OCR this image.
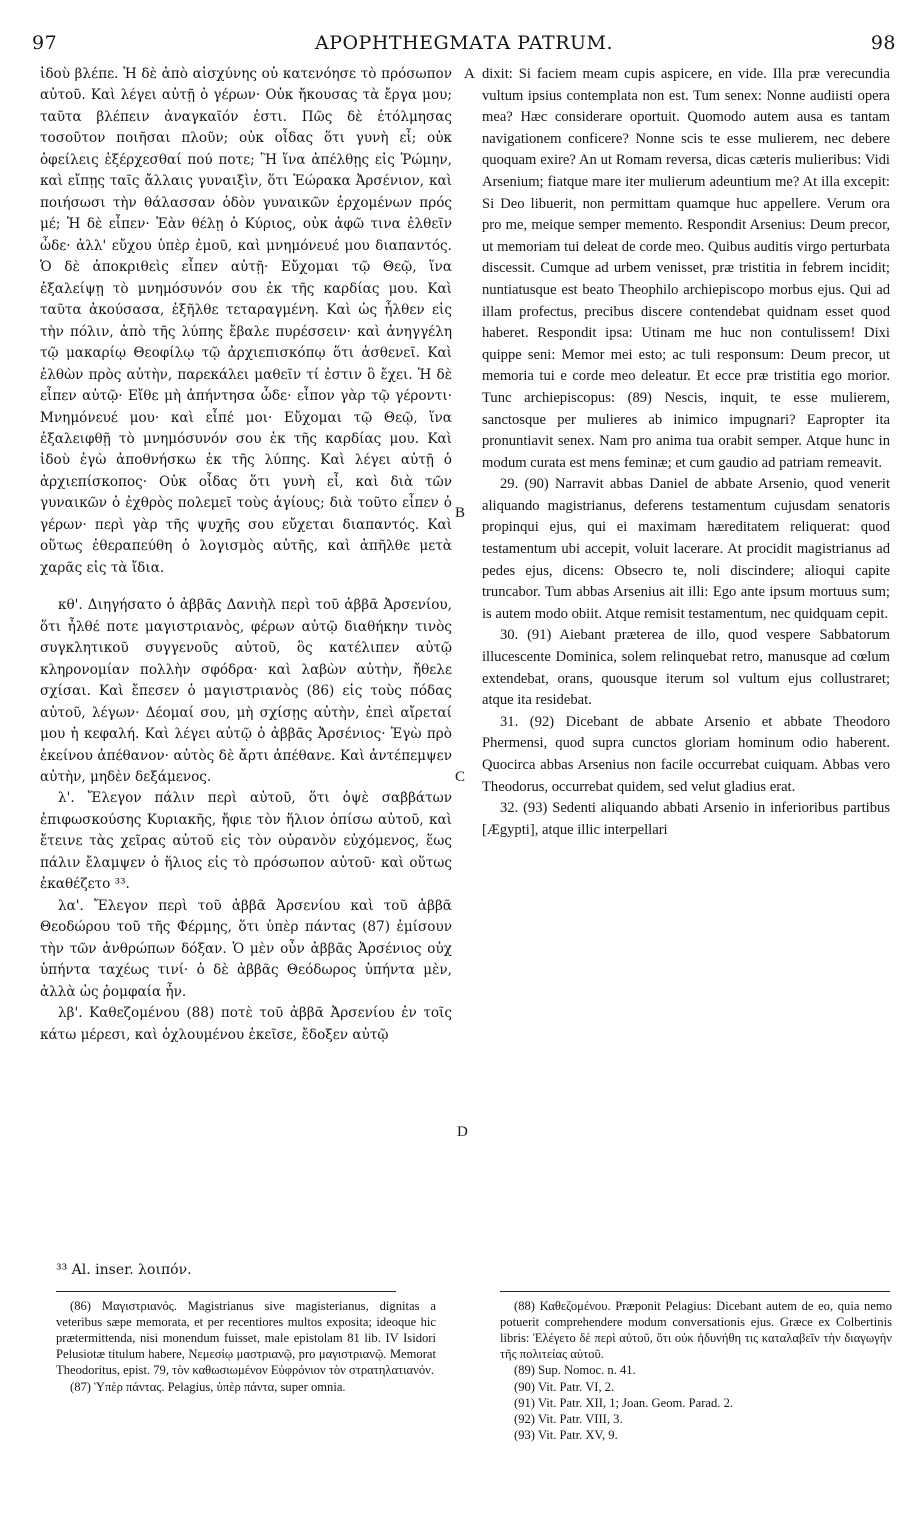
97	ΑΡΟΡΗΤΗΕGΜΑΤΑ PATRUM.	98

ἰδοὺ βλέπε. Ἡ δὲ ἀπὸ αἰσχύνης οὐ κατενόησε τὸ πρόσωπον αὐτοῦ. Καὶ λέγει αὐτῇ ὁ γέρων· Οὐκ ἤκουσας τὰ ἔργα μου; ταῦτα βλέπειν ἀναγκαῖόν ἐστι. Πῶς δὲ ἐτόλμησας τοσοῦτον ποιῆσαι πλοῦν; οὐκ οἶδας ὅτι γυνὴ εἶ; οὐκ ὀφείλεις ἐξέρχεσθαί πού ποτε; Ἢ ἵνα ἀπέλθῃς εἰς Ῥώμην, καὶ εἴπῃς ταῖς ἄλλαις γυναιξὶν, ὅτι Ἑώρακα Ἀρσένιον, καὶ ποιήσωσι τὴν θάλασσαν ὁδὸν γυναικῶν ἐρχομένων πρός μέ; Ἡ δὲ εἶπεν· Ἐὰν θέλῃ ὁ Κύριος, οὐκ ἀφῶ τινα ἐλθεῖν ὧδε· ἀλλ' εὔχου ὑπὲρ ἐμοῦ, καὶ μνημόνευέ μου διαπαντός. Ὁ δὲ ἀποκριθεὶς εἶπεν αὐτῇ· Εὔχομαι τῷ Θεῷ, ἵνα ἐξαλείψῃ τὸ μνημόσυνόν σου ἐκ τῆς καρδίας μου. Καὶ ταῦτα ἀκούσασα, ἐξῆλθε τεταραγμένη. Καὶ ὡς ἦλθεν εἰς τὴν πόλιν, ἀπὸ τῆς λύπης ἔβαλε πυρέσσειν· καὶ ἀνηγγέλη τῷ μακαρίῳ Θεοφίλῳ τῷ ἀρχιεπισκόπῳ ὅτι ἀσθενεῖ. Καὶ ἐλθὼν πρὸς αὐτὴν, παρεκάλει μαθεῖν τί ἐστιν ὃ ἔχει. Ἡ δὲ εἶπεν αὐτῷ· Εἴθε μὴ ἀπήντησα ὧδε· εἶπον γὰρ τῷ γέροντι· Μνημόνευέ μου· καὶ εἶπέ μοι· Εὔχομαι τῷ Θεῷ, ἵνα ἐξαλειφθῇ τὸ μνημόσυνόν σου ἐκ τῆς καρδίας μου. Καὶ ἰδοὺ ἐγὼ ἀποθνήσκω ἐκ τῆς λύπης. Καὶ λέγει αὐτῇ ὁ ἀρχιεπίσκοπος· Οὐκ οἶδας ὅτι γυνὴ εἶ, καὶ διὰ τῶν γυναικῶν ὁ ἐχθρὸς πολεμεῖ τοὺς ἁγίους; διὰ τοῦτο εἶπεν ὁ γέρων· περὶ γὰρ τῆς ψυχῆς σου εὔχεται διαπαντός. Καὶ οὕτως ἐθεραπεύθη ὁ λογισμὸς αὐτῆς, καὶ ἀπῆλθε μετὰ χαρᾶς εἰς τὰ ἴδια.

κθ'. Διηγήσατο ὁ ἀββᾶς Δανιὴλ περὶ τοῦ ἀββᾶ Ἀρσενίου, ὅτι ἦλθέ ποτε μαγιστριανὸς, φέρων αὐτῷ διαθήκην τινὸς συγκλητικοῦ συγγενοῦς αὐτοῦ, ὃς κατέλιπεν αὐτῷ κληρονομίαν πολλὴν σφόδρα· καὶ λαβὼν αὐτὴν, ἤθελε σχίσαι. Καὶ ἔπεσεν ὁ μαγιστριανὸς (86) εἰς τοὺς πόδας αὐτοῦ, λέγων· Δέομαί σου, μὴ σχίσῃς αὐτὴν, ἐπεὶ αἴρεταί μου ἡ κεφαλή. Καὶ λέγει αὐτῷ ὁ ἀββᾶς Ἀρσένιος· Ἐγὼ πρὸ ἐκείνου ἀπέθανον· αὐτὸς δὲ ἄρτι ἀπέθανε. Καὶ ἀντέπεμψεν αὐτὴν, μηδὲν δεξάμενος.

λ'. Ἔλεγον πάλιν περὶ αὐτοῦ, ὅτι ὀψὲ σαββάτων ἐπιφωσκούσης Κυριακῆς, ἤφιε τὸν ἥλιον ὀπίσω αὐτοῦ, καὶ ἔτεινε τὰς χεῖρας αὐτοῦ εἰς τὸν οὐρανὸν εὐχόμενος, ἕως πάλιν ἔλαμψεν ὁ ἥλιος εἰς τὸ πρόσωπον αὐτοῦ· καὶ οὕτως ἐκαθέζετο ³³.

λα'. Ἔλεγον περὶ τοῦ ἀββᾶ Ἀρσενίου καὶ τοῦ ἀββᾶ Θεοδώρου τοῦ τῆς Φέρμης, ὅτι ὑπὲρ πάντας (87) ἐμίσουν τὴν τῶν ἀνθρώπων δόξαν. Ὁ μὲν οὖν ἀββᾶς Ἀρσένιος οὐχ ὑπήντα ταχέως τινί· ὁ δὲ ἀββᾶς Θεόδωρος ὑπήντα μὲν, ἀλλὰ ὡς ῥομφαία ἦν.

λβ'. Καθεζομένου (88) ποτὲ τοῦ ἀββᾶ Ἀρσενίου ἐν τοῖς κάτω μέρεσι, καὶ ὀχλουμένου ἐκεῖσε, ἔδοξεν αὐτῷ

A
B
C
D

dixit: Si faciem meam cupis aspicere, en vide. Illa præ verecundia vultum ipsius contemplata non est. Tum senex: Nonne audiisti opera mea? Hæc considerare oportuit. Quomodo autem ausa es tantam navigationem conficere? Nonne scis te esse mulierem, nec debere quoquam exire? An ut Romam reversa, dicas cæteris mulieribus: Vidi Arsenium; fiatque mare iter mulierum adeuntium me? At illa excepit: Si Deo libuerit, non permittam quamque huc appellere. Verum ora pro me, meique semper memento. Respondit Arsenius: Deum precor, ut memoriam tui deleat de corde meo. Quibus auditis virgo perturbata discessit. Cumque ad urbem venisset, præ tristitia in febrem incidit; nuntiatusque est beato Theophilo archiepiscopo morbus ejus. Qui ad illam profectus, precibus discere contendebat quidnam esset quod haberet. Respondit ipsa: Utinam me huc non contulissem! Dixi quippe seni: Memor mei esto; ac tuli responsum: Deum precor, ut memoria tui e corde meo deleatur. Et ecce præ tristitia ego morior. Tunc archiepiscopus: (89) Nescis, inquit, te esse mulierem, sanctosque per mulieres ab inimico impugnari? Eapropter ita pronuntiavit senex. Nam pro anima tua orabit semper. Atque hunc in modum curata est mens feminæ; et cum gaudio ad patriam remeavit.

29. (90) Narravit abbas Daniel de abbate Arsenio, quod venerit aliquando magistrianus, deferens testamentum cujusdam senatoris propinqui ejus, qui ei maximam hæreditatem reliquerat: quod testamentum ubi accepit, voluit lacerare. At procidit magistrianus ad pedes ejus, dicens: Obsecro te, noli discindere; alioqui capite truncabor. Tum abbas Arsenius ait illi: Ego ante ipsum mortuus sum; is autem modo obiit. Atque remisit testamentum, nec quidquam cepit.

30. (91) Aiebant præterea de illo, quod vespere Sabbatorum illucescente Dominica, solem relinquebat retro, manusque ad cœlum extendebat, orans, quousque iterum sol vultum ejus collustraret; atque ita residebat.

31. (92) Dicebant de abbate Arsenio et abbate Theodoro Phermensi, quod supra cunctos gloriam hominum odio haberent. Quocirca abbas Arsenius non facile occurrebat cuiquam. Abbas vero Theodorus, occurrebat quidem, sed velut gladius erat.

32. (93) Sedenti aliquando abbati Arsenio in inferioribus partibus [Ægypti], atque illic interpellari

³³ Al. inser. λοιπόν.

(86) Μαγιστριανός. Magistrianus sive magisterianus, dignitas a veteribus sæpe memorata, et per recentiores multos exposita; ideoque hic prætermittenda, nisi monendum fuisset, male epistolam 81 lib. IV Isidori Pelusiotæ titulum habere, Νεμεσίῳ μαστριανῷ, pro μαγιστριανῷ. Memorat Theodoritus, epist. 79, τὸν καθωσιωμένον Εὐφρόνιον τὸν στρατηλατιανόν.

(87) Ὑπὲρ πάντας. Pelagius, ὑπὲρ πάντα, super omnia.

(88) Καθεζομένου. Præponit Pelagius: Dicebant autem de eo, quia nemo potuerit comprehendere modum conversationis ejus. Græce ex Colbertinis libris: Ἐλέγετο δὲ περὶ αὐτοῦ, ὅτι οὐκ ἠδυνήθη τις καταλαβεῖν τὴν διαγωγὴν τῆς πολιτείας αὐτοῦ.

(89) Sup. Nomoc. n. 41.
(90) Vit. Patr. VI, 2.
(91) Vit. Patr. XII, 1; Joan. Geom. Parad. 2.
(92) Vit. Patr. VIII, 3.
(93) Vit. Patr. XV, 9.
